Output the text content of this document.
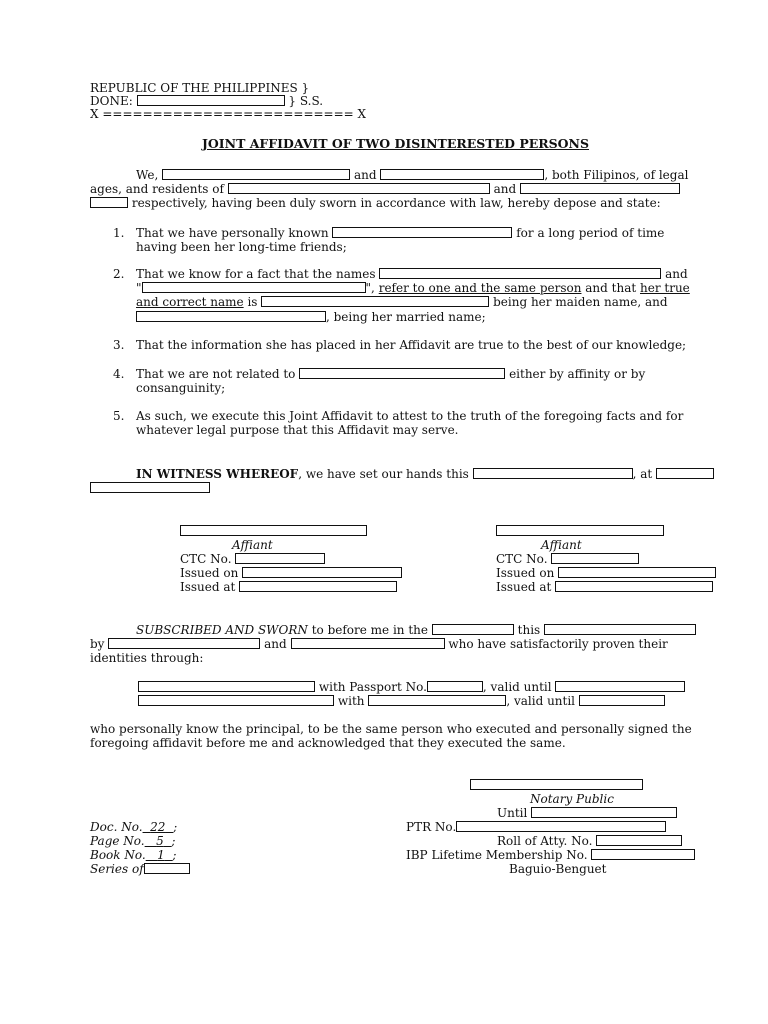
REPUBLIC OF THE PHILIPPINES }
DONE:	} S.S.
X ========================= X
JOINT AFFIDAVIT OF TWO DISINTERESTED PERSONS
We,	and	, both Filipinos, of legal
ages, and residents of	and
respectively, having been duly sworn in accordance with law, hereby depose and state:
1. That we have personally known	for a long period of time
having been her long-time friends;
2. That we know for a fact that the names	and
"	", refer to one and the same person and that her true
and correct name is	being her maiden name, and
, being her married name;
3. That the information she has placed in her Affidavit are true to the best of our knowledge;
4. That we are not related to	either by affinity or by
consanguinity;
5. As such, we execute this Joint Affidavit to attest to the truth of the foregoing facts and for
whatever legal purpose that this Affidavit may serve.
IN WITNESS WHEREOF, we have set our hands this	, at
Affiant
CTC No.
Issued on
Issued at
Affiant
CTC No.
Issued on
Issued at
SUBSCRIBED AND SWORN to before me in the	this
by	and	who have satisfactorily proven their
identities through:
with Passport No.	, valid until
with	, valid until
who personally know the principal, to be the same person who executed and personally signed the
foregoing affidavit before me and acknowledged that they executed the same.
Notary Public
Until
PTR No.
Roll of Atty. No.
IBP Lifetime Membership No.
Baguio-Benguet
Doc. No. 22 ;
Page No. 5 ;
Book No. 1 ;
Series of
